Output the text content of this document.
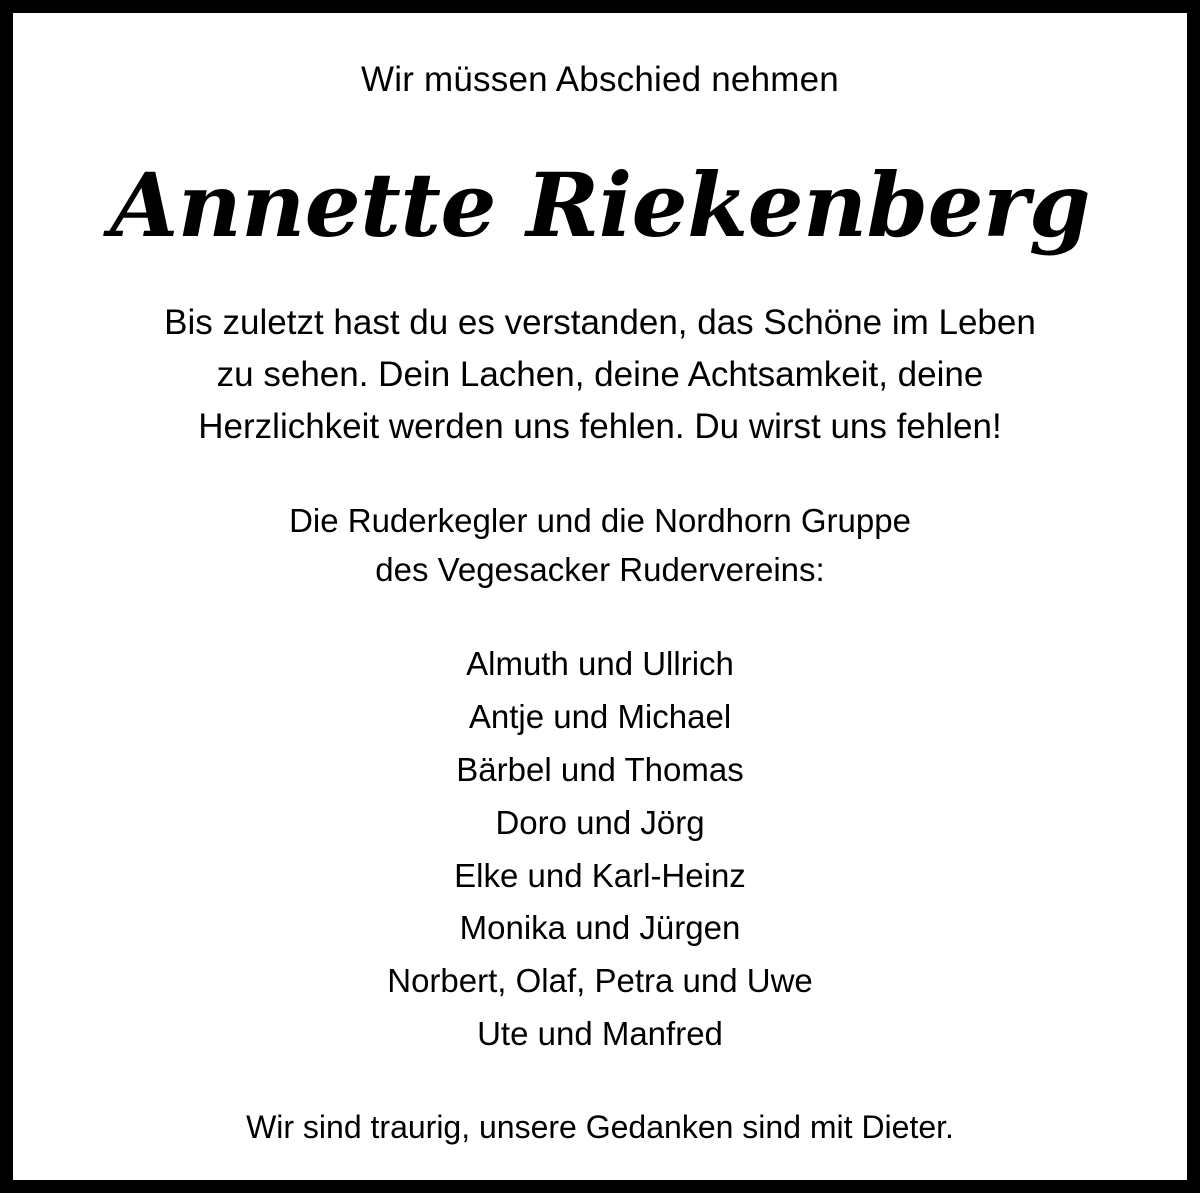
Wir müssen Abschied nehmen
Annette Riekenberg
Bis zuletzt hast du es verstanden, das Schöne im Leben
zu sehen. Dein Lachen, deine Achtsamkeit, deine
Herzlichkeit werden uns fehlen. Du wirst uns fehlen!
Die Ruderkegler und die Nordhorn Gruppe
des Vegesacker Rudervereins:
Almuth und Ullrich
Antje und Michael
Bärbel und Thomas
Doro und Jörg
Elke und Karl-Heinz
Monika und Jürgen
Norbert, Olaf, Petra und Uwe
Ute und Manfred
Wir sind traurig, unsere Gedanken sind mit Dieter.
